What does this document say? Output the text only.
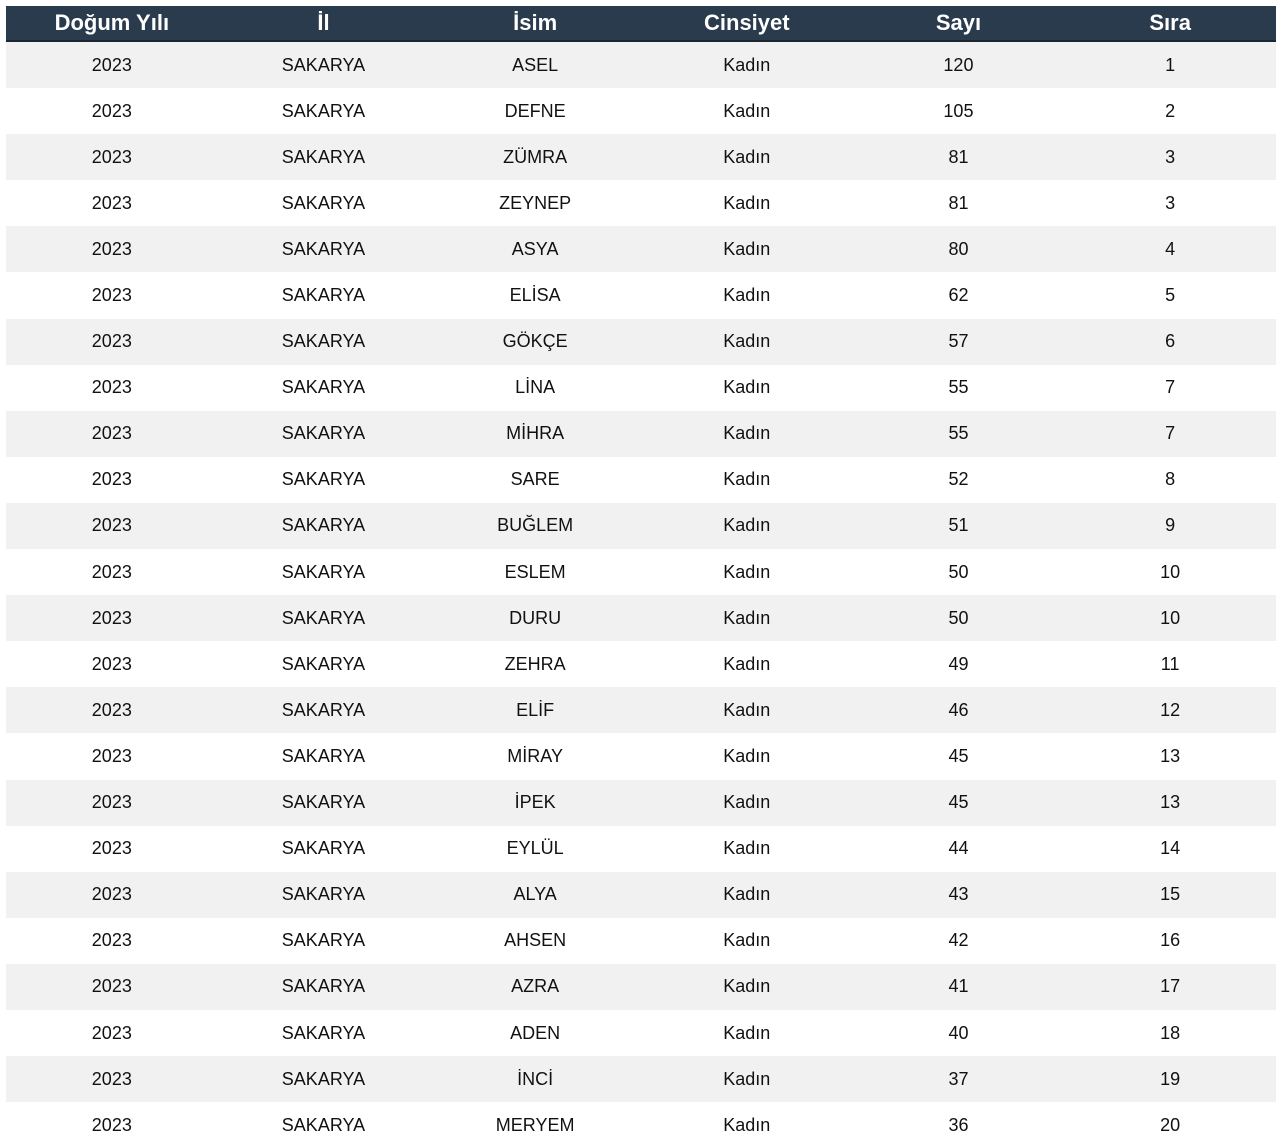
Doğum Yılı	İl	İsim	Cinsiyet	Sayı	Sıra
2023	SAKARYA	ASEL	Kadın	120	1
2023	SAKARYA	DEFNE	Kadın	105	2
2023	SAKARYA	ZÜMRA	Kadın	81	3
2023	SAKARYA	ZEYNEP	Kadın	81	3
2023	SAKARYA	ASYA	Kadın	80	4
2023	SAKARYA	ELİSA	Kadın	62	5
2023	SAKARYA	GÖKÇE	Kadın	57	6
2023	SAKARYA	LİNA	Kadın	55	7
2023	SAKARYA	MİHRA	Kadın	55	7
2023	SAKARYA	SARE	Kadın	52	8
2023	SAKARYA	BUĞLEM	Kadın	51	9
2023	SAKARYA	ESLEM	Kadın	50	10
2023	SAKARYA	DURU	Kadın	50	10
2023	SAKARYA	ZEHRA	Kadın	49	11
2023	SAKARYA	ELİF	Kadın	46	12
2023	SAKARYA	MİRAY	Kadın	45	13
2023	SAKARYA	İPEK	Kadın	45	13
2023	SAKARYA	EYLÜL	Kadın	44	14
2023	SAKARYA	ALYA	Kadın	43	15
2023	SAKARYA	AHSEN	Kadın	42	16
2023	SAKARYA	AZRA	Kadın	41	17
2023	SAKARYA	ADEN	Kadın	40	18
2023	SAKARYA	İNCİ	Kadın	37	19
2023	SAKARYA	MERYEM	Kadın	36	20
